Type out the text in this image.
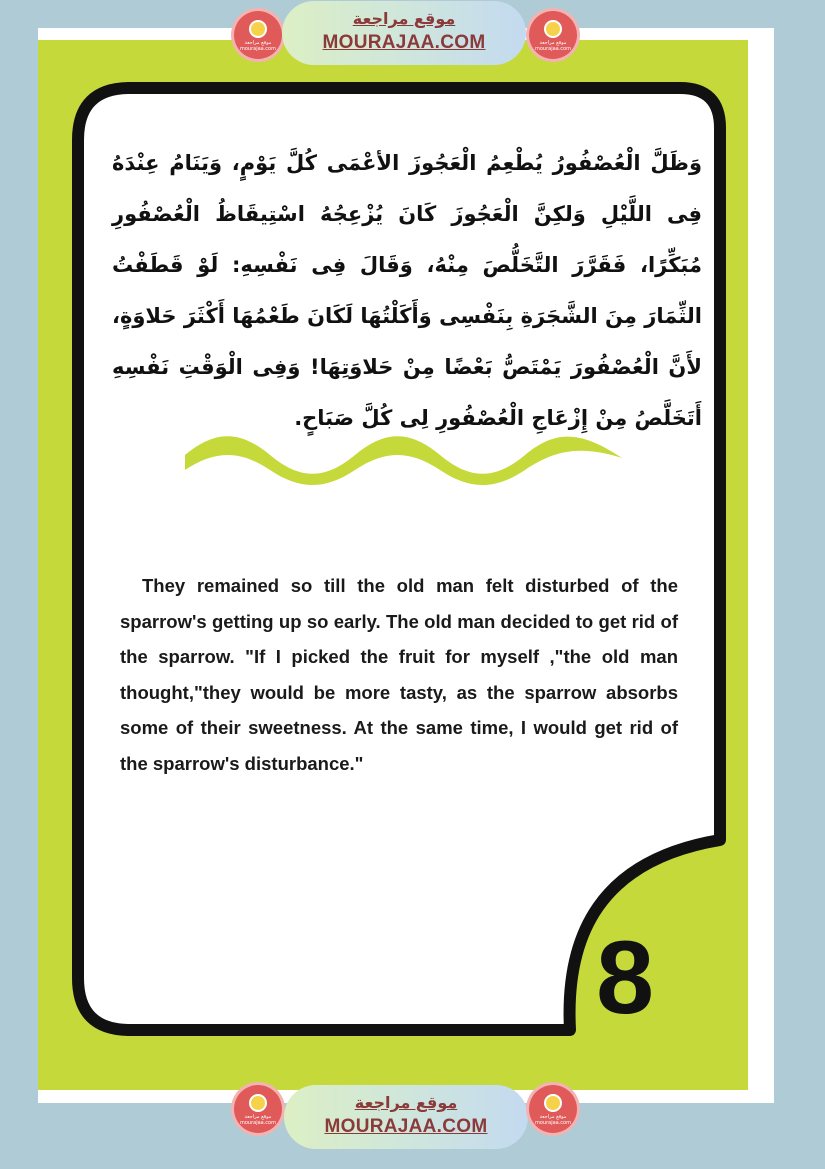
وَظَلَّ الْعُصْفُورُ يُطْعِمُ الْعَجُوزَ الأعْمَى كُلَّ يَوْمٍ، وَيَنَامُ عِنْدَهُ فِى اللَّيْلِ وَلكِنَّ الْعَجُوزَ كَانَ يُزْعِجُهُ اسْتِيقَاظُ الْعُصْفُورِ مُبَكِّرًا، فَقَرَّرَ التَّخَلُّصَ مِنْهُ، وَقَالَ فِى نَفْسِهِ: لَوْ قَطَفْتُ الثِّمَارَ مِنَ الشَّجَرَةِ بِنَفْسِى وَأَكَلْتُهَا لَكَانَ طَعْمُهَا أَكْثَرَ حَلاوَةٍ، لأَنَّ الْعُصْفُورَ يَمْتَصُّ بَعْضًا مِنْ حَلاوَتِهَا! وَفِى الْوَقْتِ نَفْسِهِ أَتَخَلَّصُ مِنْ إِزْعَاجِ الْعُصْفُورِ لِى كُلَّ صَبَاحٍ.
They remained so till the old man felt disturbed of the sparrow's getting up so early. The old man decided to get rid of the sparrow. "If I picked the fruit for myself ,"the old man thought,"they would be more tasty, as the sparrow absorbs some of their sweetness. At the same time, I would get rid of the sparrow's disturbance."
8
موقع مراجعة
mourajaa.com
موقع مراجعة
MOURAJAA.COM	موقع مراجعة
mourajaa.com
موقع مراجعة
mourajaa.com
موقع مراجعة
MOURAJAA.COM	موقع مراجعة
mourajaa.com
